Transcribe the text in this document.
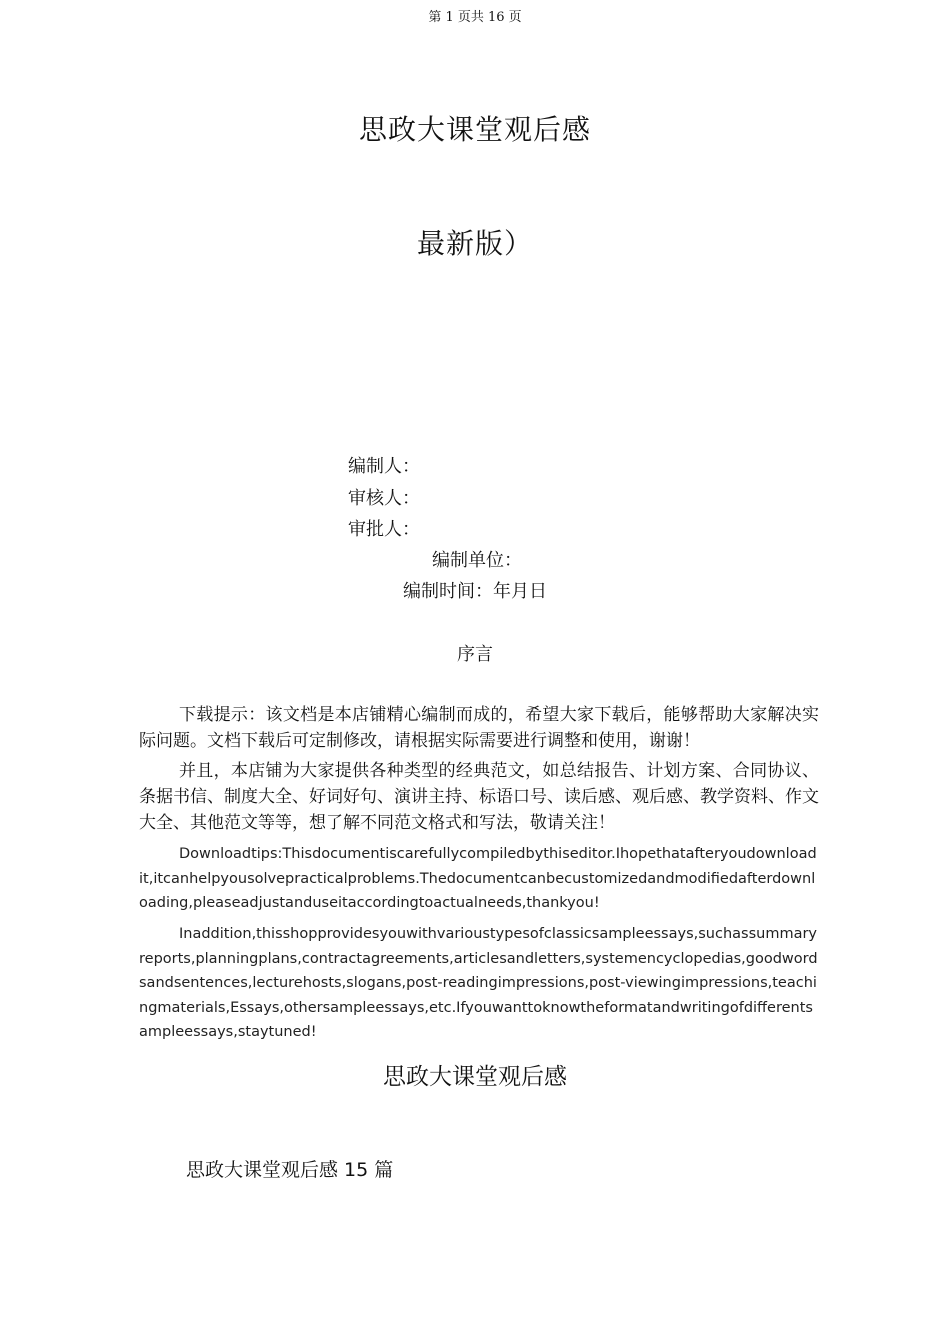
第 1 页共 16 页
思政大课堂观后感
最新版）
编制人：
审核人：
审批人：
编制单位：
编制时间：年月日
序言

下载提示：该文档是本店铺精心编制而成的，希望大家下载后，能够帮助大家解决实际问题。文档下载后可定制修改，请根据实际需要进行调整和使用，谢谢！

并且，本店铺为大家提供各种类型的经典范文，如总结报告、计划方案、合同协议、条据书信、制度大全、好词好句、演讲主持、标语口号、读后感、观后感、教学资料、作文大全、其他范文等等，想了解不同范文格式和写法，敬请关注！

Downloadtips:Thisdocumentiscarefullycompiledbythiseditor.Ihopethatafteryoudownloadit,itcanhelpyousolvepracticalproblems.Thedocumentcanbecustomizedandmodifiedafterdownloading,pleaseadjustanduseitaccordingtoactualneeds,thankyou!

Inaddition,thisshopprovidesyouwithvarioustypesofclassicsampleessays,suchassummaryreports,planningplans,contractagreements,articlesandletters,systemencyclopedias,goodwordsandsentences,lecturehosts,slogans,post-readingimpressions,post-viewingimpressions,teachingmaterials,Essays,othersampleessays,etc.Ifyouwanttoknowtheformatandwritingofdifferentsampleessays,staytuned!

思政大课堂观后感
思政大课堂观后感 15 篇
